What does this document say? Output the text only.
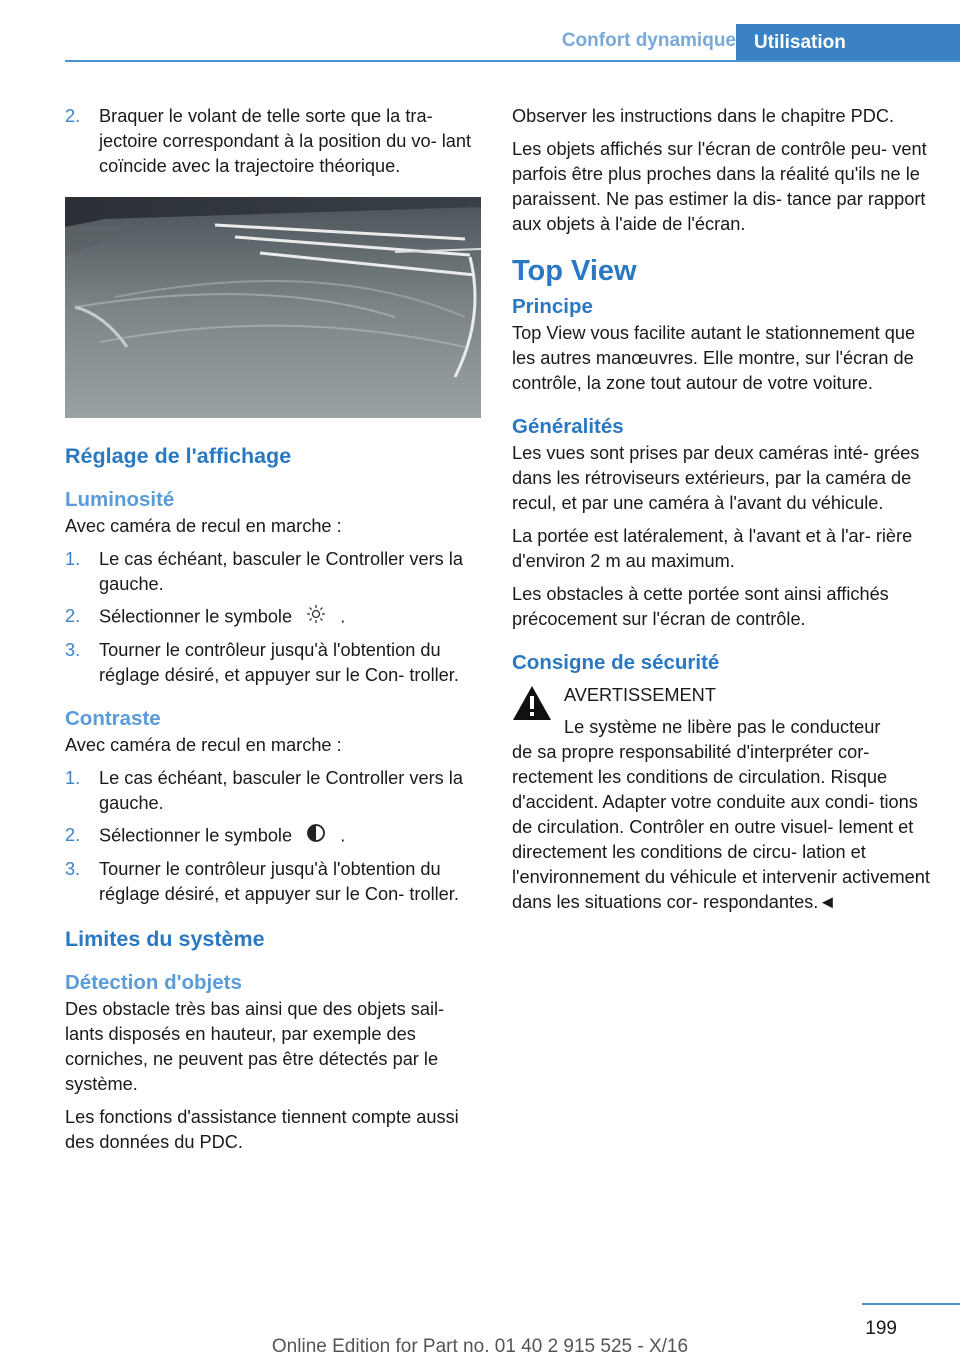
Confort dynamique Utilisation
2. Braquer le volant de telle sorte que la tra‐ jectoire correspondant à la position du vo‐ lant coïncide avec la trajectoire théorique.
Réglage de l'affichage
Luminosité

Avec caméra de recul en marche :

1. Le cas échéant, basculer le Controller vers la gauche.
2. Sélectionner le symbole	.
3. Tourner le contrôleur jusqu'à l'obtention du réglage désiré, et appuyer sur le Con‐ troller.
Contraste

Avec caméra de recul en marche :

1. Le cas échéant, basculer le Controller vers la gauche.
2. Sélectionner le symbole	.
3. Tourner le contrôleur jusqu'à l'obtention du réglage désiré, et appuyer sur le Con‐ troller.
Limites du système
Détection d'objets

Des obstacle très bas ainsi que des objets sail‐ lants disposés en hauteur, par exemple des corniches, ne peuvent pas être détectés par le système.

Les fonctions d'assistance tiennent compte aussi des données du PDC.

Observer les instructions dans le chapitre PDC.

Les objets affichés sur l'écran de contrôle peu‐ vent parfois être plus proches dans la réalité qu'ils ne le paraissent. Ne pas estimer la dis‐ tance par rapport aux objets à l'aide de l'écran.

Top View
Principe

Top View vous facilite autant le stationnement que les autres manœuvres. Elle montre, sur l'écran de contrôle, la zone tout autour de votre voiture.

Généralités

Les vues sont prises par deux caméras inté‐ grées dans les rétroviseurs extérieurs, par la caméra de recul, et par une caméra à l'avant du véhicule.

La portée est latéralement, à l'avant et à l'ar‐ rière d'environ 2 m au maximum.

Les obstacles à cette portée sont ainsi affichés précocement sur l'écran de contrôle.

Consigne de sécurité
AVERTISSEMENT
Le système ne libère pas le conducteur
de sa propre responsabilité d'interpréter cor‐ rectement les conditions de circulation. Risque d'accident. Adapter votre conduite aux condi‐ tions de circulation. Contrôler en outre visuel‐ lement et directement les conditions de circu‐ lation et l'environnement du véhicule et intervenir activement dans les situations cor‐ respondantes.◄
199
Online Edition for Part no. 01 40 2 915 525 - X/16
